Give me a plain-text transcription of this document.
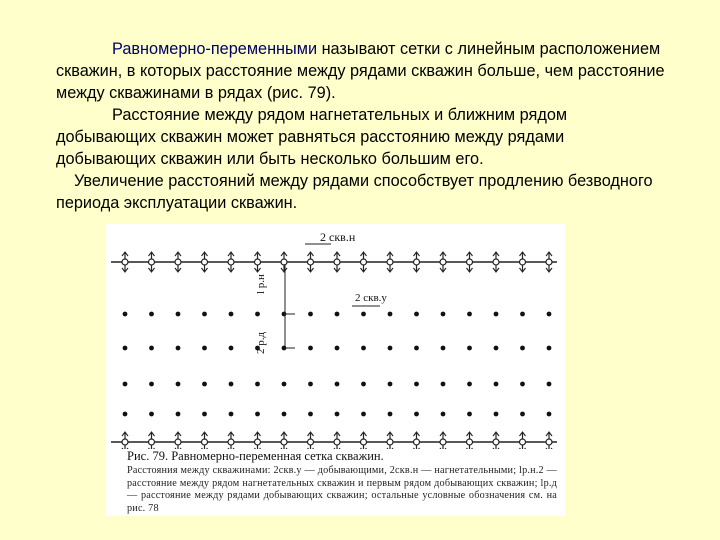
Равномерно-переменными называют сетки с линейным расположением скважин, в которых расстояние между рядами скважин больше, чем расстояние между скважинами в рядах (рис. 79).

Расстояние между рядом нагнетательных и ближним рядом добывающих скважин может равняться расстоянию между рядами добывающих скважин или быть несколько большим его.

Увеличение расстояний между рядами способствует продлению безводного периода эксплуатации скважин.

2 скв.н
2 скв.у
l р.н
2 р.д
Рис. 79. Равномерно-переменная сетка скважин.
Расстояния между скважинами: 2скв.у — добывающими, 2скв.н — нагнетательными; lр.н.2 — расстояние между рядом нагнетательных скважин и первым рядом добывающих скважин; lр.д — расстояние между рядами добывающих скважин; остальные условные обозначения см. на рис. 78
